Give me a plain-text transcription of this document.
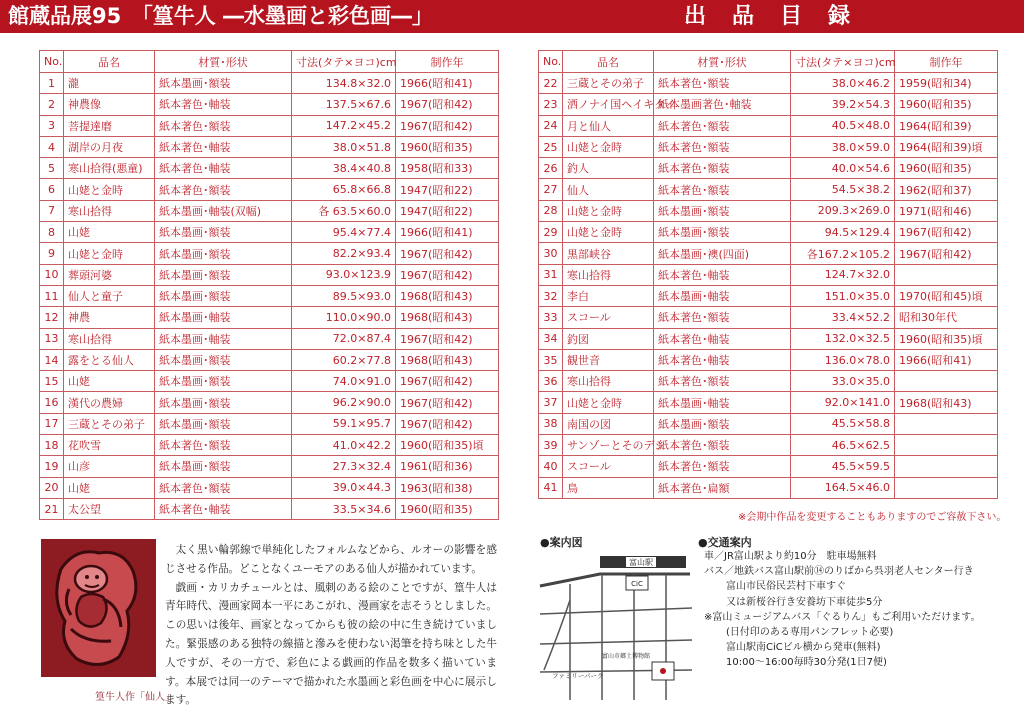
館蔵品展95　「篁牛人 ―水墨画と彩色画―」	出品目録
No.	品名	材質･形状	寸法(タテ×ヨコ)cm	制作年
1	瀧	紙本墨画･額装	134.8×32.0	1966(昭和41)
2	神農像	紙本著色･軸装	137.5×67.6	1967(昭和42)
3	菩提達磨	紙本著色･額装	147.2×45.2	1967(昭和42)
4	湖岸の月夜	紙本著色･軸装	38.0×51.8	1960(昭和35)
5	寒山拾得(悪童)	紙本著色･軸装	38.4×40.8	1958(昭和33)
6	山姥と金時	紙本著色･額装	65.8×66.8	1947(昭和22)
7	寒山拾得	紙本墨画･軸装(双幅)	各 63.5×60.0	1947(昭和22)
8	山姥	紙本墨画･額装	95.4×77.4	1966(昭和41)
9	山姥と金時	紙本墨画･額装	82.2×93.4	1967(昭和42)
10	葬頭河婆	紙本墨画･額装	93.0×123.9	1967(昭和42)
11	仙人と童子	紙本墨画･額装	89.5×93.0	1968(昭和43)
12	神農	紙本墨画･軸装	110.0×90.0	1968(昭和43)
13	寒山拾得	紙本墨画･軸装	72.0×87.4	1967(昭和42)
14	露をとる仙人	紙本墨画･額装	60.2×77.8	1968(昭和43)
15	山姥	紙本墨画･額装	74.0×91.0	1967(昭和42)
16	漢代の農婦	紙本墨画･額装	96.2×90.0	1967(昭和42)
17	三蔵とその弟子	紙本墨画･額装	59.1×95.7	1967(昭和42)
18	花吹雪	紙本著色･額装	41.0×42.2	1960(昭和35)頃
19	山彦	紙本墨画･額装	27.3×32.4	1961(昭和36)
20	山姥	紙本著色･額装	39.0×44.3	1963(昭和38)
21	太公望	紙本著色･軸装	33.5×34.6	1960(昭和35)
No.	品名	材質･形状	寸法(タテ×ヨコ)cm	制作年
22	三蔵とその弟子	紙本著色･額装	38.0×46.2	1959(昭和34)
23	洒ノナイ国ヘイキタイ	紙本墨画著色･軸装	39.2×54.3	1960(昭和35)
24	月と仙人	紙本著色･額装	40.5×48.0	1964(昭和39)
25	山姥と金時	紙本著色･額装	38.0×59.0	1964(昭和39)頃
26	釣人	紙本著色･額装	40.0×54.6	1960(昭和35)
27	仙人	紙本著色･額装	54.5×38.2	1962(昭和37)
28	山姥と金時	紙本墨画･額装	209.3×269.0	1971(昭和46)
29	山姥と金時	紙本墨画･額装	94.5×129.4	1967(昭和42)
30	黒部峡谷	紙本墨画･襖(四面)	各167.2×105.2	1967(昭和42)
31	寒山拾得	紙本著色･軸装	124.7×32.0	
32	李白	紙本墨画･軸装	151.0×35.0	1970(昭和45)頃
33	スコール	紙本著色･額装	33.4×52.2	昭和30年代
34	釣図	紙本著色･軸装	132.0×32.5	1960(昭和35)頃
35	観世音	紙本著色･軸装	136.0×78.0	1966(昭和41)
36	寒山拾得	紙本著色･額装	33.0×35.0	
37	山姥と金時	紙本墨画･軸装	92.0×141.0	1968(昭和43)
38	南国の図	紙本墨画･額装	45.5×58.8	
39	サンゾーとそのデシ	紙本著色･額装	46.5×62.5	
40	スコール	紙本著色･額装	45.5×59.5	
41	鳥	紙本著色･扁額	164.5×46.0	
※会期中作品を変更することもありますのでご容赦下さい。
篁牛人作「仙人」

太く黒い輪郭線で単純化したフォルムなどから、ルオーの影響を感じさせる作品。どことなくユーモアのある仙人が描かれています。

戯画・カリカチュールとは、風刺のある絵のことですが、篁牛人は青年時代、漫画家岡本一平にあこがれ、漫画家を志そうとしました。この思いは後年、画家となってからも彼の絵の中に生き続けていました。緊張感のある独特の線描と滲みを使わない渇筆を持ち味とした牛人ですが、その一方で、彩色による戯画的作品を数多く描いています。本展では同一のテーマで描かれた水墨画と彩色画を中心に展示します。

●案内図
富山駅
CiC
ファミリーパーク
富山市郷土博物館
●交通案内
車／JR富山駅より約10分　駐車場無料
バス／地鉄バス富山駅前⑭のりばから呉羽老人センター行き
富山市民俗民芸村下車すぐ
又は新桜谷行き安養坊下車徒歩5分
※富山ミュージアムバス「ぐるりん」もご利用いただけます。
(日付印のある専用パンフレット必要)
富山駅南CiCビル横から発車(無料)
10:00～16:00毎時30分発(1日7便)
